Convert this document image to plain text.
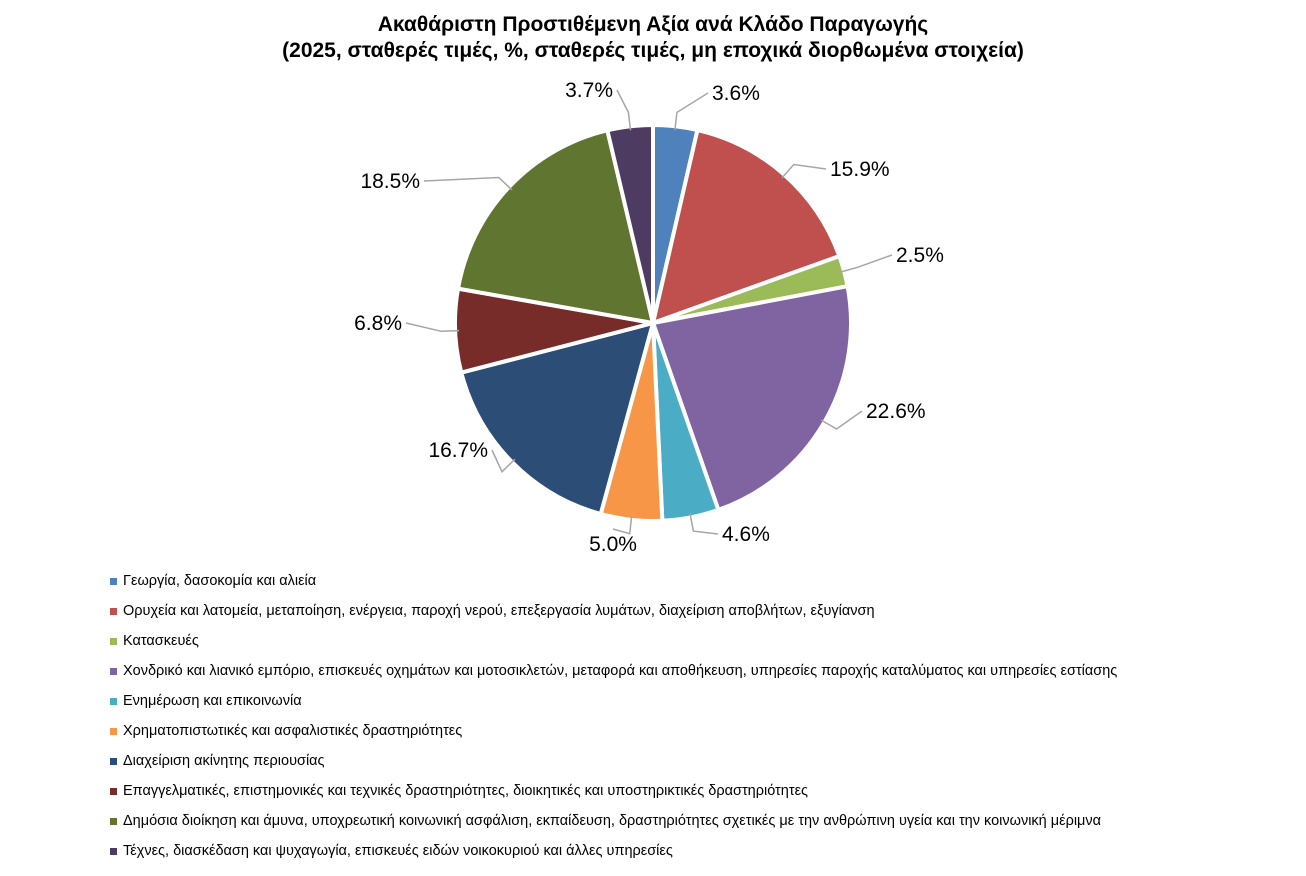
Ακαθάριστη Προστιθέμενη Αξία ανά Κλάδο Παραγωγής
(2025, σταθερές τιμές, %, σταθερές τιμές, μη εποχικά διορθωμένα στοιχεία)
3.6%
15.9%
2.5%
22.6%
4.6%
5.0%
16.7%
6.8%
18.5%
3.7%
Γεωργία, δασοκομία και αλιεία
Ορυχεία και λατομεία, μεταποίηση, ενέργεια, παροχή νερού, επεξεργασία λυμάτων, διαχείριση αποβλήτων, εξυγίανση
Κατασκευές
Χονδρικό και λιανικό εμπόριο, επισκευές οχημάτων και μοτοσικλετών, μεταφορά και αποθήκευση, υπηρεσίες παροχής καταλύματος και υπηρεσίες εστίασης
Ενημέρωση και επικοινωνία
Χρηματοπιστωτικές και ασφαλιστικές δραστηριότητες
Διαχείριση ακίνητης περιουσίας
Επαγγελματικές, επιστημονικές και τεχνικές δραστηριότητες, διοικητικές και υποστηρικτικές δραστηριότητες
Δημόσια διοίκηση και άμυνα, υποχρεωτική κοινωνική ασφάλιση, εκπαίδευση, δραστηριότητες σχετικές με την ανθρώπινη υγεία και την κοινωνική μέριμνα
Τέχνες, διασκέδαση και ψυχαγωγία, επισκευές ειδών νοικοκυριού και άλλες υπηρεσίες
